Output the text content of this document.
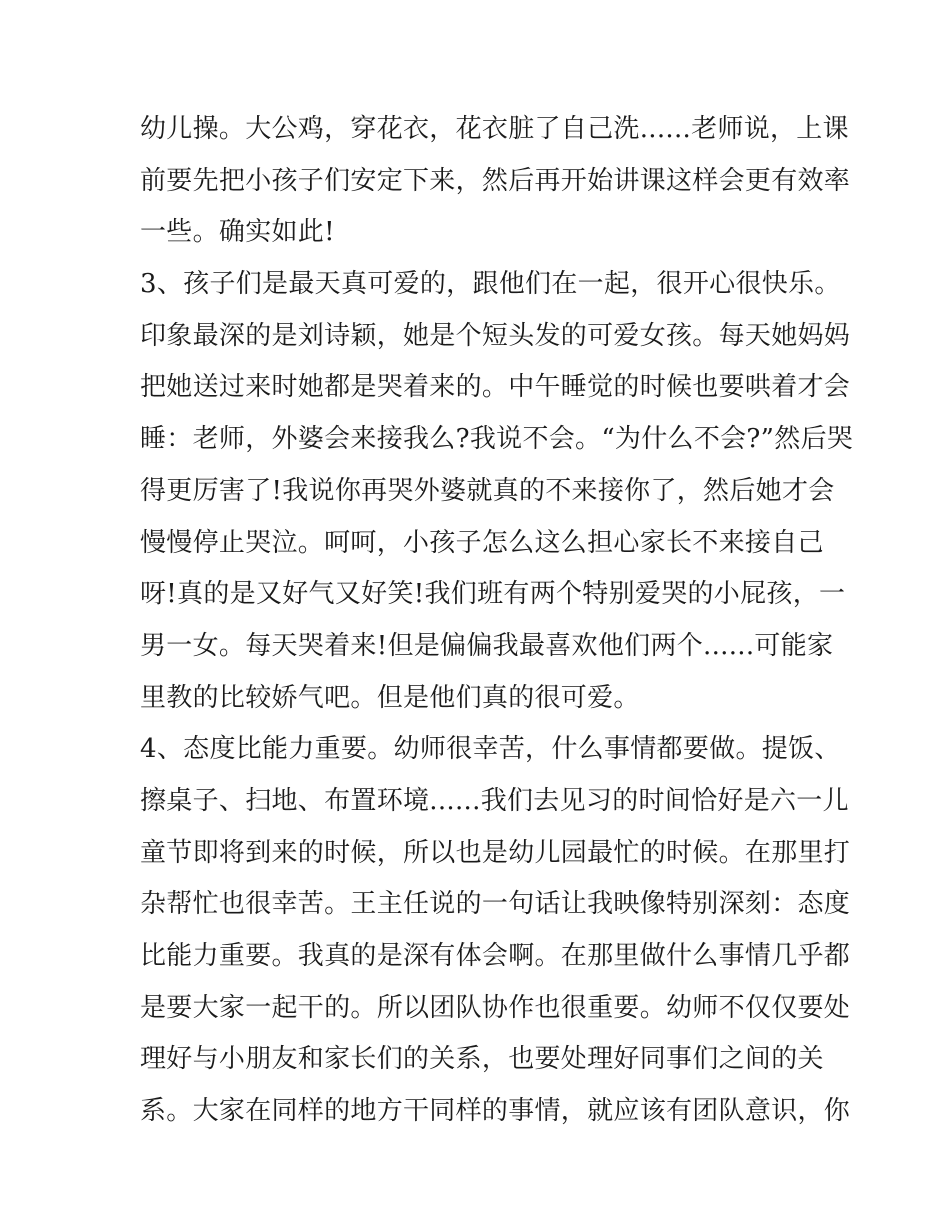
幼儿操。大公鸡，穿花衣，花衣脏了自己洗......老师说，上课
前要先把小孩子们安定下来，然后再开始讲课这样会更有效率
一些。确实如此!
3、孩子们是最天真可爱的，跟他们在一起，很开心很快乐。
印象最深的是刘诗颖，她是个短头发的可爱女孩。每天她妈妈
把她送过来时她都是哭着来的。中午睡觉的时候也要哄着才会
睡：老师，外婆会来接我么?我说不会。“为什么不会?”然后哭
得更厉害了!我说你再哭外婆就真的不来接你了，然后她才会
慢慢停止哭泣。呵呵，小孩子怎么这么担心家长不来接自己
呀!真的是又好气又好笑!我们班有两个特别爱哭的小屁孩，一
男一女。每天哭着来!但是偏偏我最喜欢他们两个......可能家
里教的比较娇气吧。但是他们真的很可爱。
4、态度比能力重要。幼师很幸苦，什么事情都要做。提饭、
擦桌子、扫地、布置环境......我们去见习的时间恰好是六一儿
童节即将到来的时候，所以也是幼儿园最忙的时候。在那里打
杂帮忙也很幸苦。王主任说的一句话让我映像特别深刻：态度
比能力重要。我真的是深有体会啊。在那里做什么事情几乎都
是要大家一起干的。所以团队协作也很重要。幼师不仅仅要处
理好与小朋友和家长们的关系，也要处理好同事们之间的关
系。大家在同样的地方干同样的事情，就应该有团队意识，你
